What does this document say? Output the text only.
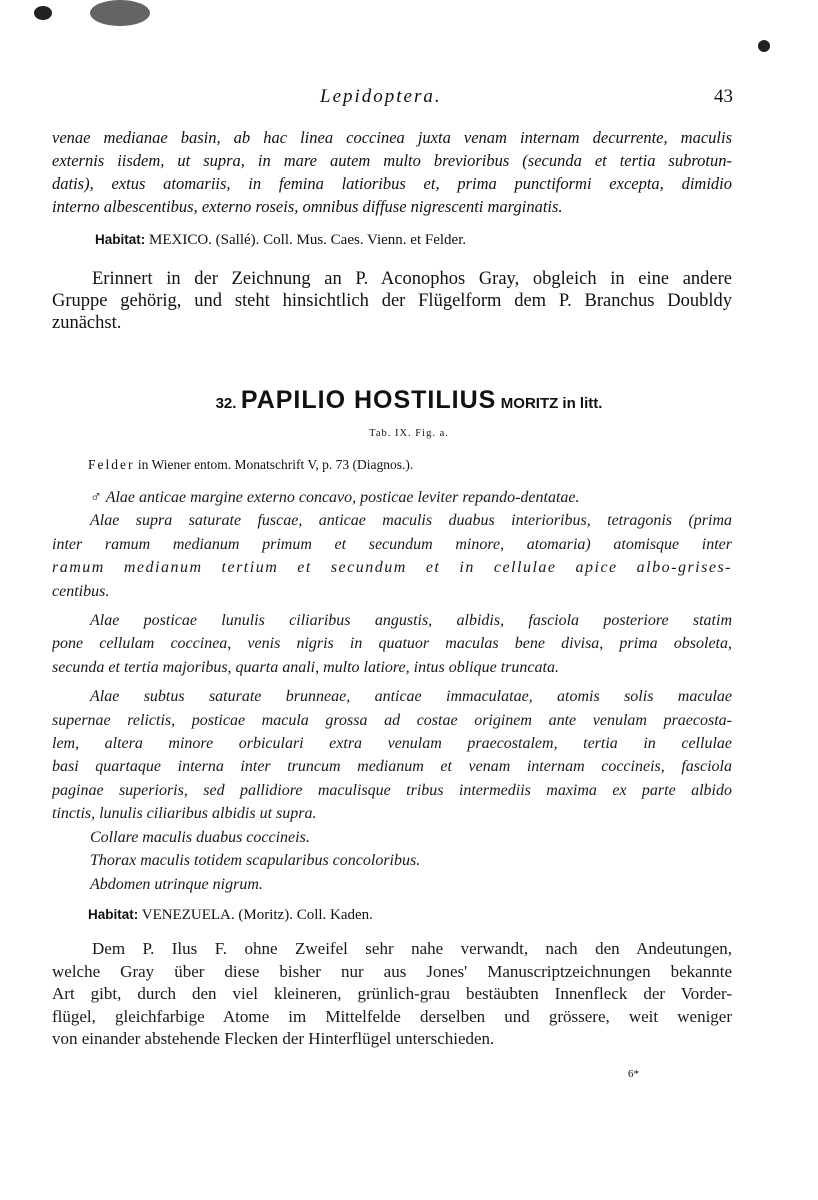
Lepidoptera.	43
venae medianae basin, ab hac linea coccinea juxta venam internam decurrente, maculis
externis iisdem, ut supra, in mare autem multo brevioribus (secunda et tertia subrotun-
datis), extus atomariis, in femina latioribus et, prima punctiformi excepta, dimidio
interno albescentibus, externo roseis, omnibus diffuse nigrescenti marginatis.
Habitat: MEXICO. (Sallé). Coll. Mus. Caes. Vienn. et Felder.
Erinnert in der Zeichnung an P. Aconophos Gray, obgleich in eine andere
Gruppe gehörig, und steht hinsichtlich der Flügelform dem P. Branchus Doubldy
zunächst.
32. PAPILIO HOSTILIUS MORITZ in litt.
Tab. IX. Fig. a.
Felder in Wiener entom. Monatschrift V, p. 73 (Diagnos.).
♂ Alae anticae margine externo concavo, posticae leviter repando-dentatae.
Alae supra saturate fuscae, anticae maculis duabus interioribus, tetragonis (prima
inter ramum medianum primum et secundum minore, atomaria) atomisque inter
ramum medianum tertium et secundum et in cellulae apice albo-grises-
centibus.
Alae posticae lunulis ciliaribus angustis, albidis, fasciola posteriore statim
pone cellulam coccinea, venis nigris in quatuor maculas bene divisa, prima obsoleta,
secunda et tertia majoribus, quarta anali, multo latiore, intus oblique truncata.
Alae subtus saturate brunneae, anticae immaculatae, atomis solis maculae
supernae relictis, posticae macula grossa ad costae originem ante venulam praecosta-
lem, altera minore orbiculari extra venulam praecostalem, tertia in cellulae
basi quartaque interna inter truncum medianum et venam internam coccineis, fasciola
paginae superioris, sed pallidiore maculisque tribus intermediis maxima ex parte albido
tinctis, lunulis ciliaribus albidis ut supra.
Collare maculis duabus coccineis.
Thorax maculis totidem scapularibus concoloribus.
Abdomen utrinque nigrum.
Habitat: VENEZUELA. (Moritz). Coll. Kaden.
Dem P. Ilus F. ohne Zweifel sehr nahe verwandt, nach den Andeutungen,
welche Gray über diese bisher nur aus Jones' Manuscriptzeichnungen bekannte
Art gibt, durch den viel kleineren, grünlich-grau bestäubten Innenfleck der Vorder-
flügel, gleichfarbige Atome im Mittelfelde derselben und grössere, weit weniger
von einander abstehende Flecken der Hinterflügel unterschieden.
6*
